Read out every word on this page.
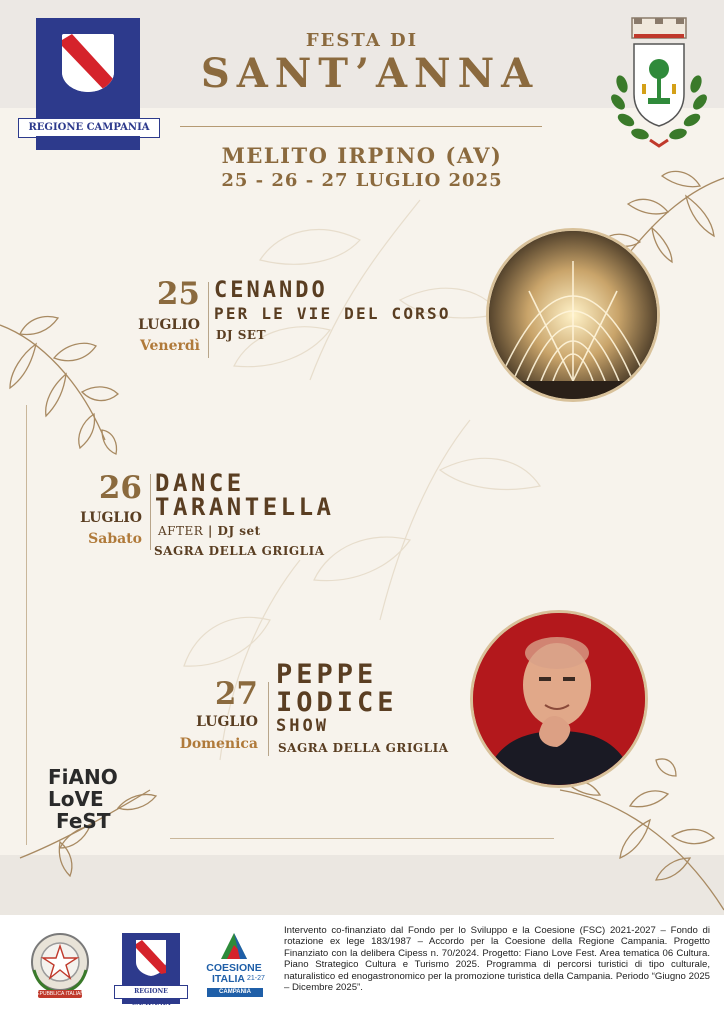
REGIONE CAMPANIA
FESTA DI
SANT’ANNA
MELITO IRPINO (AV)
25 - 26 - 27 LUGLIO 2025
25
LUGLIO
Venerdì
CENANDO
PER LE VIE DEL CORSO
DJ SET
26
LUGLIO
Sabato
DANCE
TARANTELLA
AFTER | DJ set
SAGRA DELLA GRIGLIA
27
LUGLIO
Domenica
PEPPE
IODICE
SHOW
SAGRA DELLA GRIGLIA
FiANO
LoVE
FeST
REPUBBLICA ITALIANA	REGIONE
COESIONE
ITALIA 21-27
CAMPANIA
Intervento co-finanziato dal Fondo per lo Sviluppo e la Coesione (FSC) 2021-2027 – Fondo di rotazione ex lege 183/1987 – Accordo per la Coesione della Regione Campania. Progetto Finanziato con la delibera Cipess n. 70/2024. Progetto: Fiano Love Fest. Area tematica 06 Cultura. Piano Strategico Cultura e Turismo 2025. Programma di percorsi turistici di tipo culturale, naturalistico ed enogastronomico per la promozione turistica della Campania. Periodo “Giugno 2025 – Dicembre 2025”.
